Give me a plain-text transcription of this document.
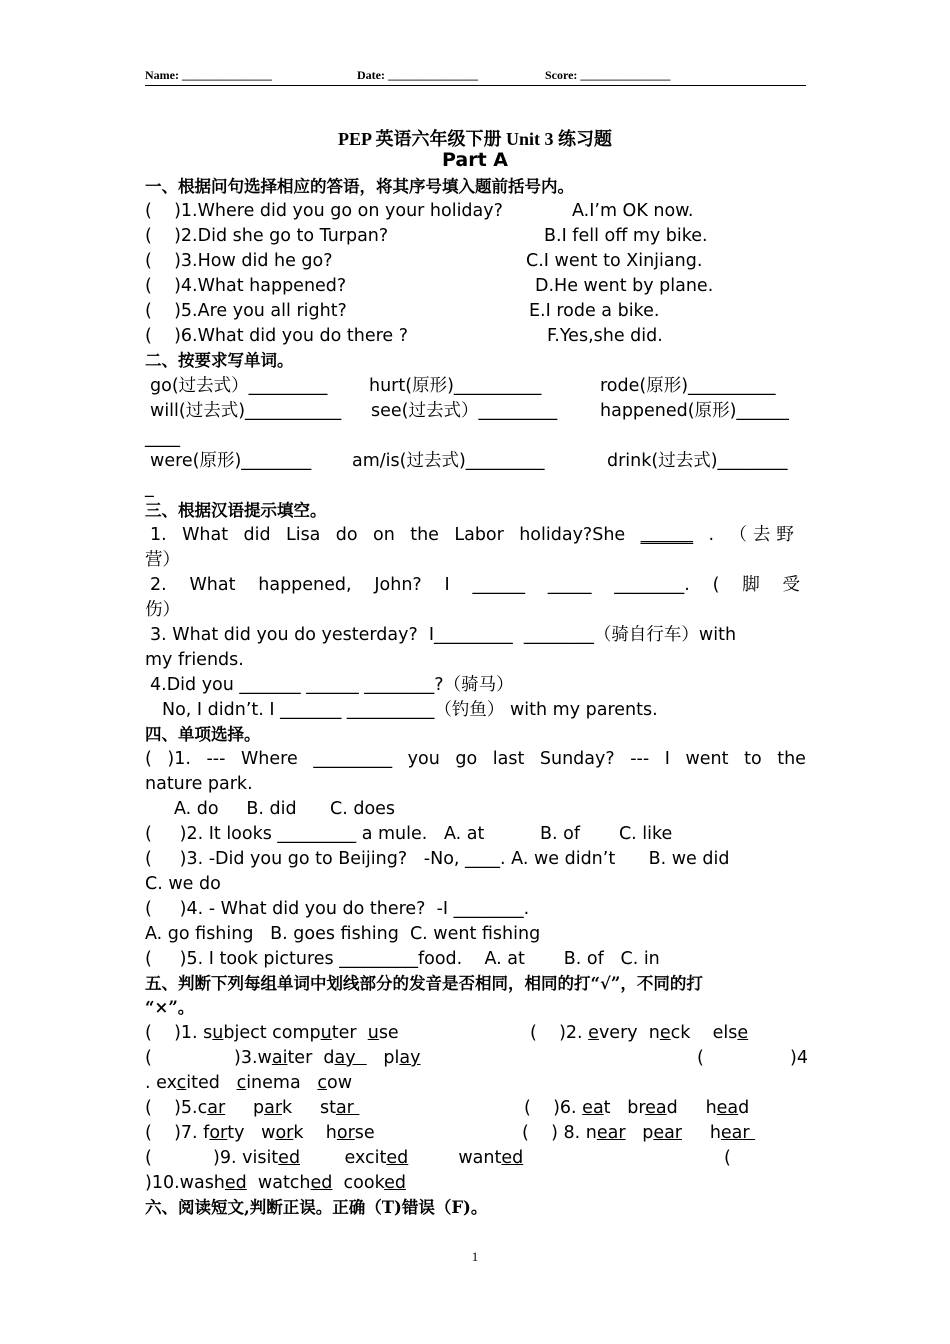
Name: _______________	Date: _______________	Score: _______________
PEP 英语六年级下册 Unit 3 练习题
Part A
一、根据问句选择相应的答语，将其序号填入题前括号内。
(    )1.Where did you go on your holiday?	A.I’m OK now.
(    )2.Did she go to Turpan?	B.I fell off my bike.
(    )3.How did he go?	C.I went to Xinjiang.
(    )4.What happened?	D.He went by plane.
(    )5.Are you all right?	E.I rode a bike.
(    )6.What did you do there ?	F.Yes,she did.
二、按要求写单词。
go(过去式）_________ hurt(原形)__________	rode(原形)__________
will(过去式)___________ see(过去式）_________ happened(原形)______
____
were(原形)________ am/is(过去式)_________	drink(过去式)________
_
三、根据汉语提示填空。
1. What did Lisa do on the Labor holiday?She ______ . （去野
营）
2. What happened, John? I ______ _____ ________. ( 脚 受
伤）
3. What did you do yesterday?  I_________  ________（骑自行车）with
my friends.
4.Did you _______ ______ ________?（骑马）
No, I didn’t. I _______ __________（钓鱼） with my parents.
四、单项选择。
( )1. --- Where _________ you go last Sunday? --- I went to the
nature park.
A. do     B. did      C. does
(     )2. It looks _________ a mule.   A. at          B. of       C. like
(     )3. -Did you go to Beijing?   -No, ____. A. we didn’t      B. we did
C. we do
(     )4. - What did you do there?  -I ________.
A. go fishing   B. goes fishing  C. went fishing
(     )5. I took pictures _________food.    A. at       B. of   C. in
五、判断下列每组单词中划线部分的发音是否相同，相同的打“√”，不同的打
“×”。
(    )1. subject computer  use	(    )2. every  neck    else
(	)3.waiter  day     play	(	)4
. excited   cinema   cow
(    )5.car     park     star	(    )6. eat   bread     head
(    )7. forty   work    horse	(    ) 8. near   pear     hear
(           )9. visited        excited         wanted	(
)10.washed  watched  cooked
六、阅读短文,判断正误。正确（T)错误（F)。
1
